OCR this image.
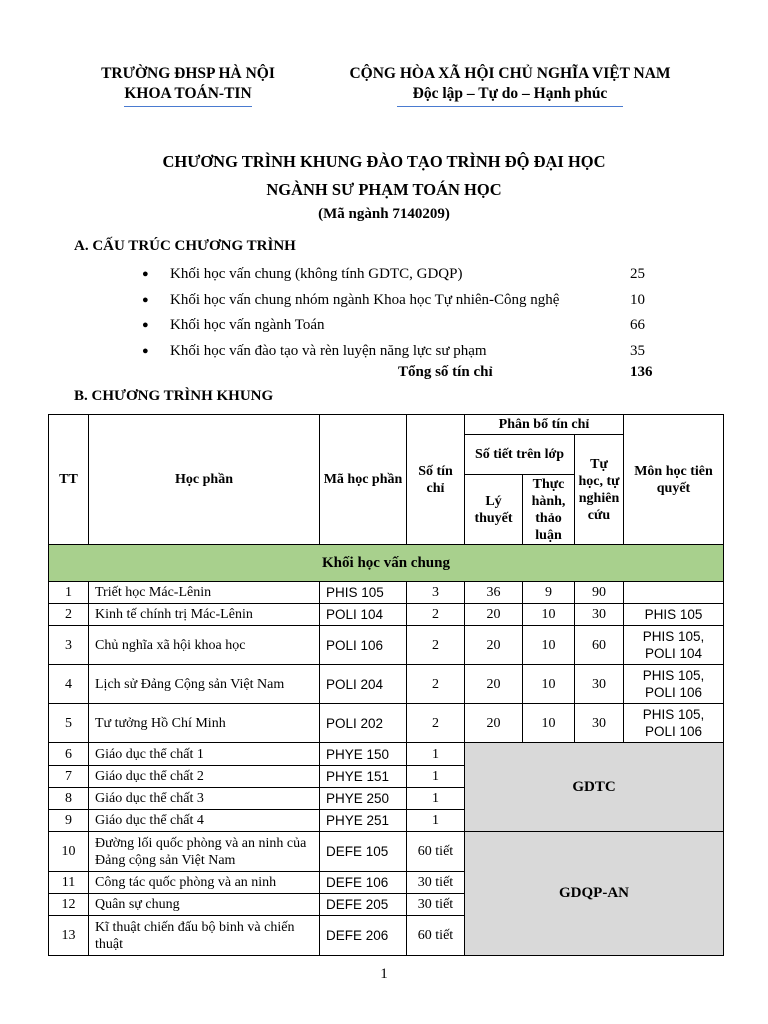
TRƯỜNG ĐHSP HÀ NỘI
KHOA TOÁN-TIN
CỘNG HÒA XÃ HỘI CHỦ NGHĨA VIỆT NAM
Độc lập – Tự do – Hạnh phúc
CHƯƠNG TRÌNH KHUNG ĐÀO TẠO TRÌNH ĐỘ ĐẠI HỌC
NGÀNH SƯ PHẠM TOÁN HỌC
(Mã ngành 7140209)
A. CẤU TRÚC CHƯƠNG TRÌNH
● Khối học vấn chung (không tính GDTC, GDQP)	25
● Khối học vấn chung nhóm ngành Khoa học Tự nhiên-Công nghệ	10
● Khối học vấn ngành Toán	66
● Khối học vấn đào tạo và rèn luyện năng lực sư phạm	35
Tổng số tín chỉ	136
B. CHƯƠNG TRÌNH KHUNG
TT	Học phần	Mã học phần	Số tín chỉ	Phân bổ tín chỉ			Môn học tiên quyết
				Số tiết trên lớp		Tự học, tự nghiên cứu	
				Lý thuyết	Thực hành, thảo luận		
Khối học vấn chung							
1	Triết học Mác-Lênin	PHIS 105	3	36	9	90	
2	Kinh tế chính trị Mác-Lênin	POLI 104	2	20	10	30	PHIS 105
3	Chủ nghĩa xã hội khoa học	POLI 106	2	20	10	60	PHIS 105, POLI 104
4	Lịch sử Đảng Cộng sản Việt Nam	POLI 204	2	20	10	30	PHIS 105, POLI 106
5	Tư tưởng Hồ Chí Minh	POLI 202	2	20	10	30	PHIS 105, POLI 106
6	Giáo dục thể chất 1	PHYE 150	1	GDTC			
7	Giáo dục thể chất 2	PHYE 151	1				
8	Giáo dục thể chất 3	PHYE 250	1				
9	Giáo dục thể chất 4	PHYE 251	1				
10	Đường lối quốc phòng và an ninh của Đảng cộng sản Việt Nam	DEFE 105	60 tiết	GDQP-AN			
11	Công tác quốc phòng và an ninh	DEFE 106	30 tiết				
12	Quân sự chung	DEFE 205	30 tiết				
13	Kĩ thuật chiến đấu bộ binh và chiến thuật	DEFE 206	60 tiết				
1
